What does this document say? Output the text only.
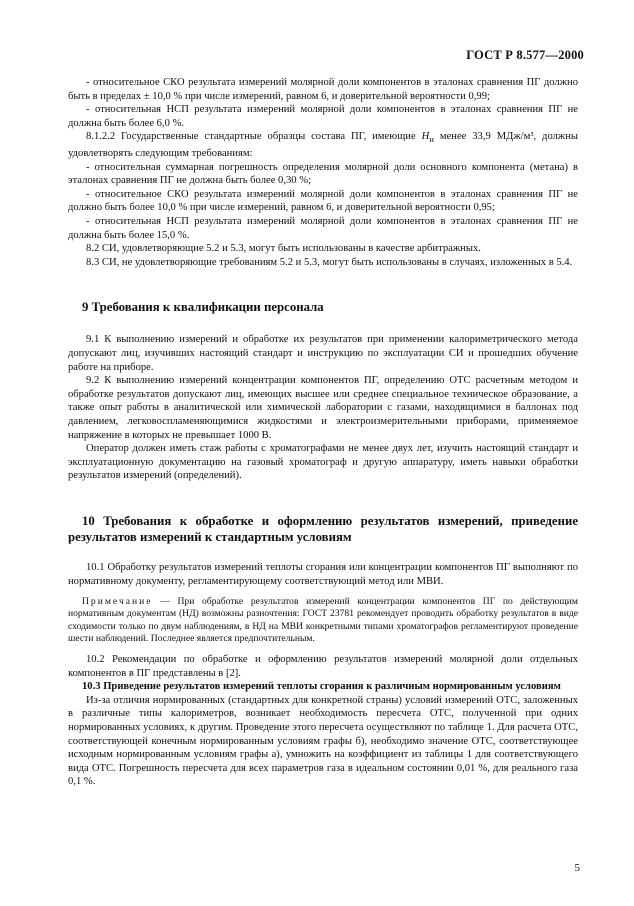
ГОСТ Р 8.577—2000

- относительное СКО результата измерений молярной доли компонентов в эталонах сравнения ПГ должно быть в пределах ± 10,0 % при числе измерений, равном 6, и доверительной вероятности 0,99;

- относительная НСП результата измерений молярной доли компонентов в эталонах сравнения ПГ не должна быть более 6,0 %.

8.1.2.2 Государственные стандартные образцы состава ПГ, имеющие $H_н$ менее 33,9 МДж/м³, должны удовлетворять следующим требованиям:

- относительная суммарная погрешность определения молярной доли основного компонента (метана) в эталонах сравнения ПГ не должна быть более 0,30 %;

- относительное СКО результата измерений молярной доли компонентов в эталонах сравнения ПГ не должно быть более 10,0 % при числе измерений, равном 6, и доверительной вероятности 0,95;

- относительная НСП результата измерений молярной доли компонентов в эталонах сравнения ПГ не должна быть более 15,0 %.

8.2 СИ, удовлетворяющие 5.2 и 5.3, могут быть использованы в качестве арбитражных.

8.3 СИ, не удовлетворяющие требованиям 5.2 и 5.3, могут быть использованы в случаях, изложенных в 5.4.

9 Требования к квалификации персонала

9.1 К выполнению измерений и обработке их результатов при применении калориметрического метода допускают лиц, изучивших настоящий стандарт и инструкцию по эксплуатации СИ и прошедших обучение работе на приборе.

9.2 К выполнению измерений концентрации компонентов ПГ, определению ОТС расчетным методом и обработке результатов допускают лиц, имеющих высшее или среднее специальное техническое образование, а также опыт работы в аналитической или химической лаборатории с газами, находящимися в баллонах под давлением, легковоспламеняющимися жидкостями и электроизмерительными приборами, применяемое напряжение в которых не превышает 1000 В.

Оператор должен иметь стаж работы с хроматографами не менее двух лет, изучить настоящий стандарт и эксплуатационную документацию на газовый хроматограф и другую аппаратуру, иметь навыки обработки результатов измерений (определений).

10 Требования к обработке и оформлению результатов измерений, приведение результатов измерений к стандартным условиям

10.1 Обработку результатов измерений теплоты сгорания или концентрации компонентов ПГ выполняют по нормативному документу, регламентирующему соответствующий метод или МВИ.

Примечание — При обработке результатов измерений концентрации компонентов ПГ по действующим нормативным документам (НД) возможны разночтения: ГОСТ 23781 рекомендует проводить обработку результатов в виде сходимости только по двум наблюдениям, в НД на МВИ конкретными типами хроматографов регламентируют проведение шести наблюдений. Последнее является предпочтительным.

10.2 Рекомендации по обработке и оформлению результатов измерений молярной доли отдельных компонентов в ПГ представлены в [2].

10.3 Приведение результатов измерений теплоты сгорания к различным нормированным условиям

Из-за отличия нормированных (стандартных для конкретной страны) условий измерений ОТС, заложенных в различные типы калориметров, возникает необходимость пересчета ОТС, полученной при одних нормированных условиях, к другим. Проведение этого пересчета осуществляют по таблице 1. Для расчета ОТС, соответствующей конечным нормированным условиям графы б), необходимо значение ОТС, соответствующее исходным нормированным условиям графы а), умножить на коэффициент из таблицы 1 для соответствующего вида ОТС. Погрешность пересчета для всех параметров газа в идеальном состоянии 0,01 %, для реального газа 0,1 %.

5
